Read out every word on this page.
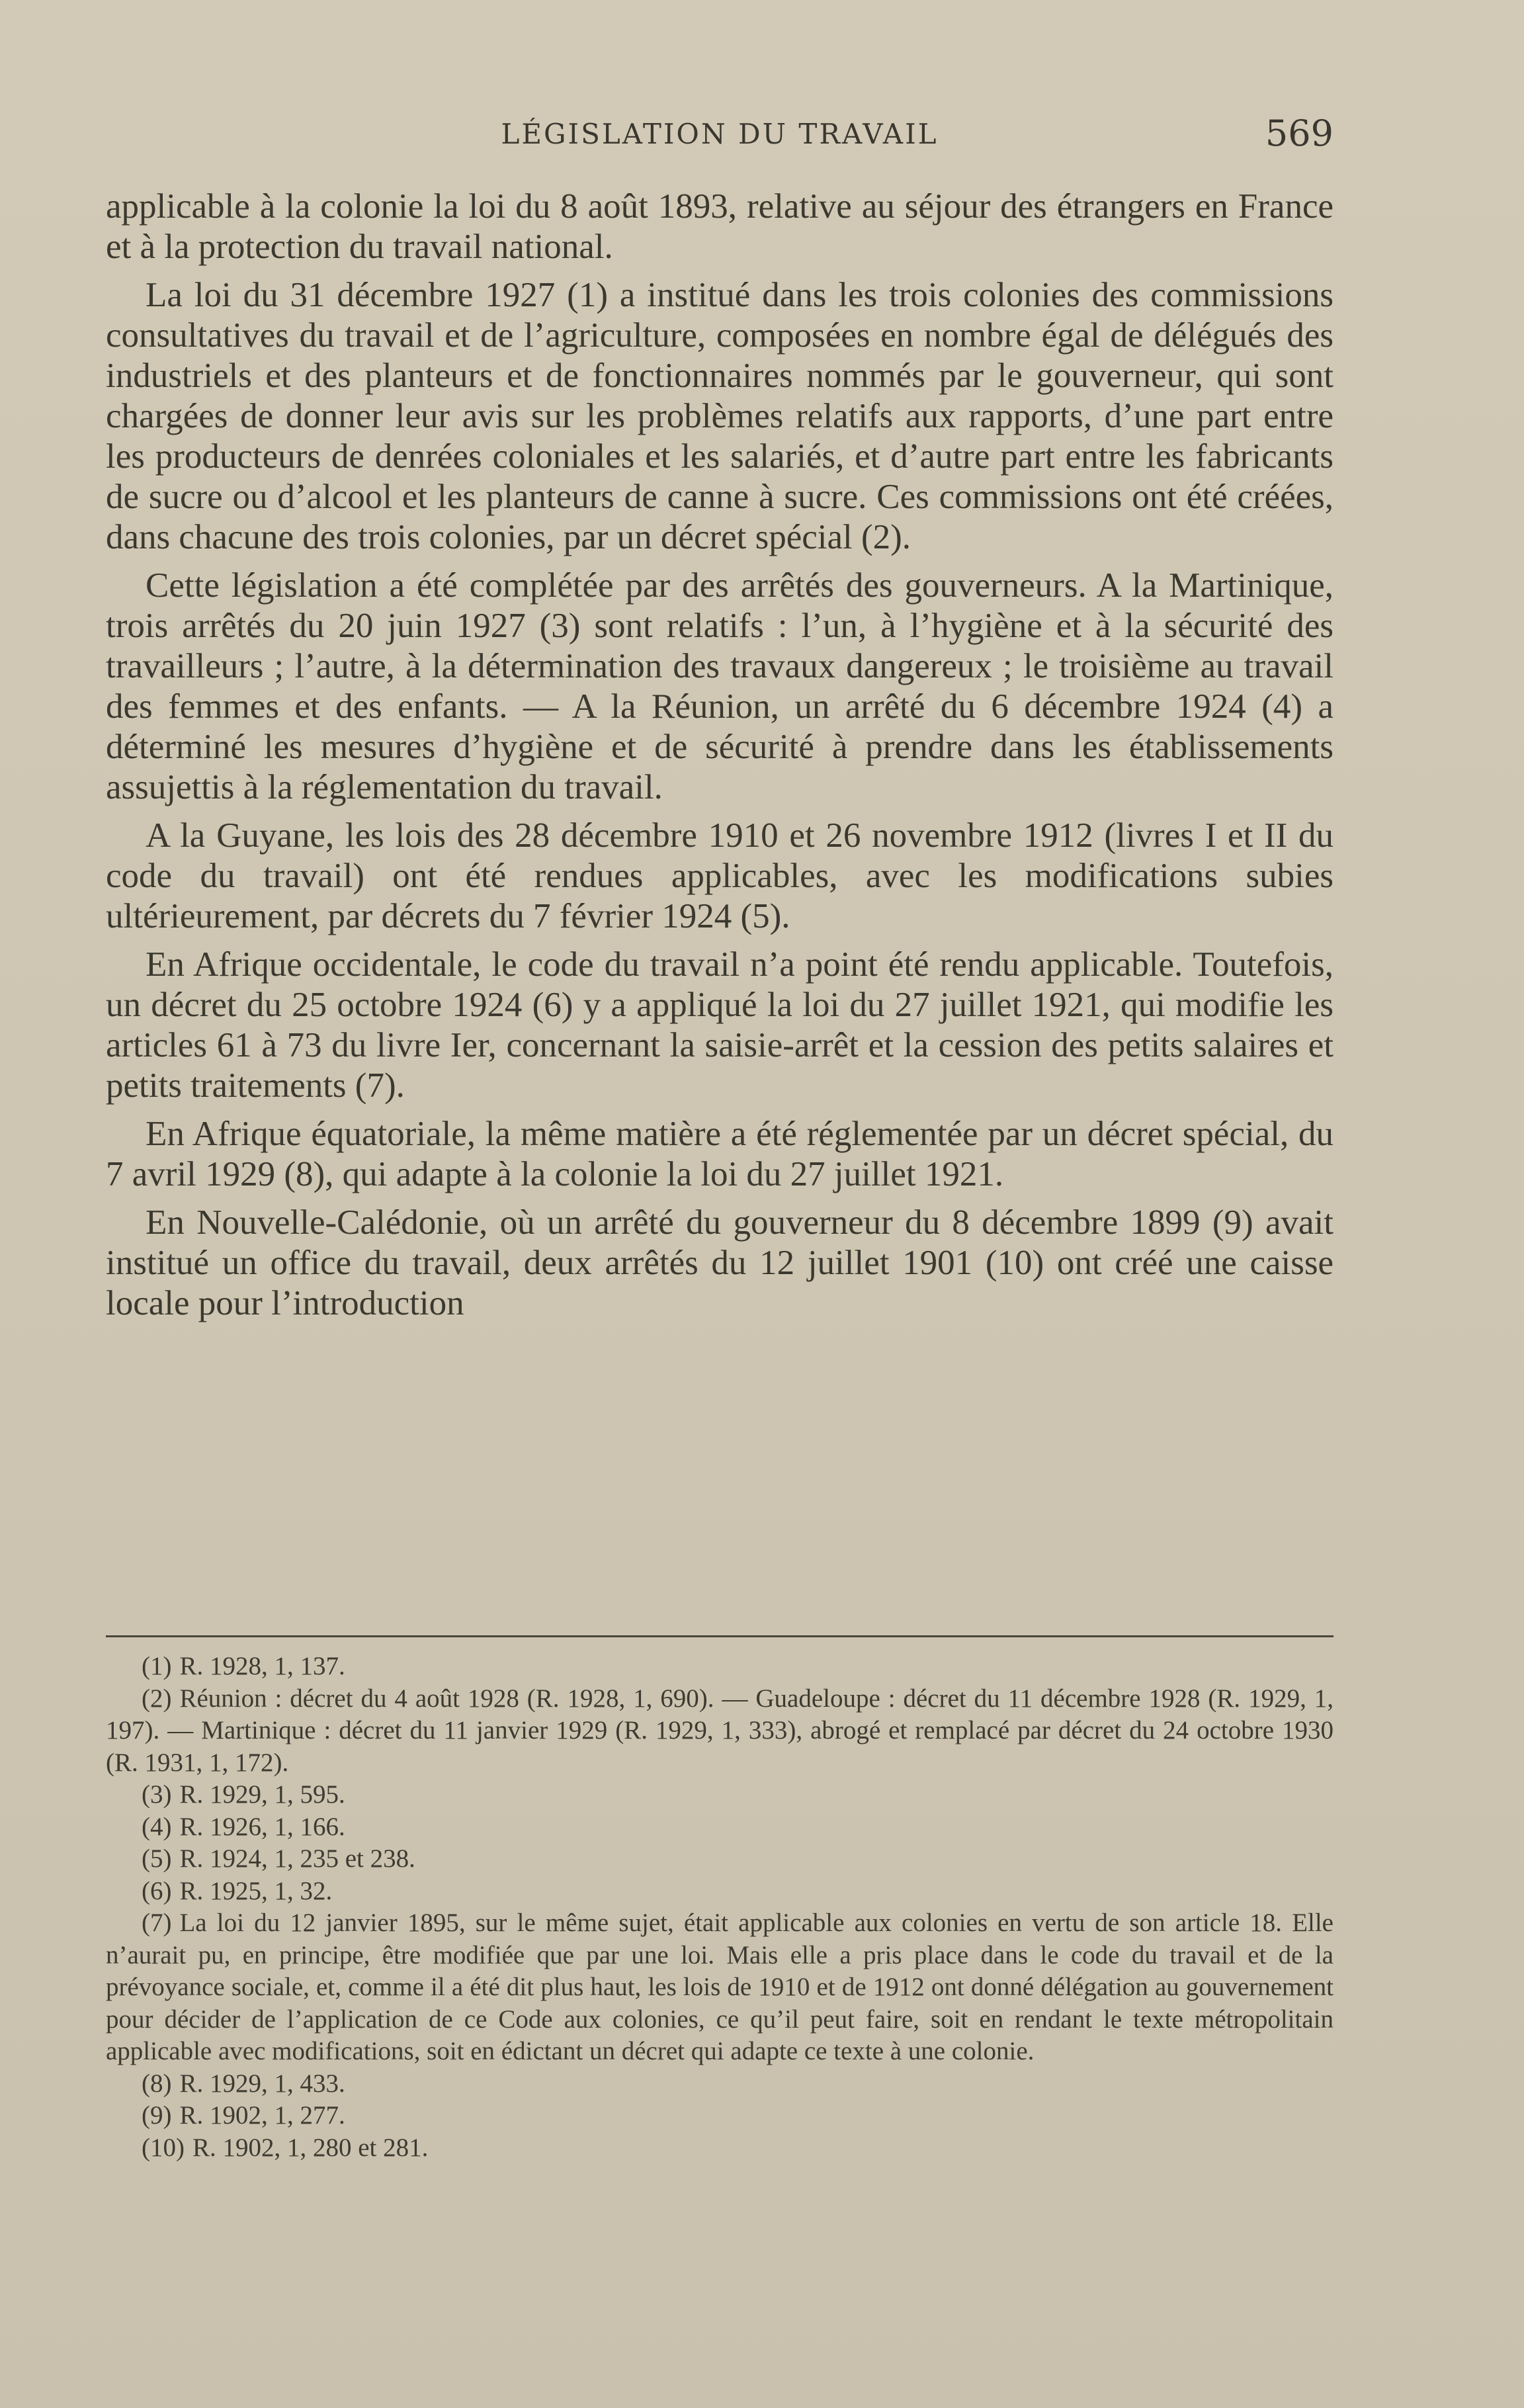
LÉGISLATION DU TRAVAIL	569

applicable à la colonie la loi du 8 août 1893, relative au séjour des étrangers en France et à la protection du travail national.

La loi du 31 décembre 1927 (1) a institué dans les trois colonies des commissions consultatives du travail et de l’agriculture, composées en nombre égal de délégués des industriels et des planteurs et de fonctionnaires nommés par le gouverneur, qui sont chargées de donner leur avis sur les problèmes relatifs aux rapports, d’une part entre les producteurs de denrées coloniales et les salariés, et d’autre part entre les fabricants de sucre ou d’alcool et les planteurs de canne à sucre. Ces commissions ont été créées, dans chacune des trois colonies, par un décret spécial (2).

Cette législation a été complétée par des arrêtés des gouverneurs. A la Martinique, trois arrêtés du 20 juin 1927 (3) sont relatifs : l’un, à l’hygiène et à la sécurité des travailleurs ; l’autre, à la détermination des travaux dangereux ; le troisième au travail des femmes et des enfants. — A la Réunion, un arrêté du 6 décembre 1924 (4) a déterminé les mesures d’hygiène et de sécurité à prendre dans les établissements assujettis à la réglementation du travail.

A la Guyane, les lois des 28 décembre 1910 et 26 novembre 1912 (livres I et II du code du travail) ont été rendues applicables, avec les modifications subies ultérieurement, par décrets du 7 février 1924 (5).

En Afrique occidentale, le code du travail n’a point été rendu applicable. Toutefois, un décret du 25 octobre 1924 (6) y a appliqué la loi du 27 juillet 1921, qui modifie les articles 61 à 73 du livre Ier, concernant la saisie-arrêt et la cession des petits salaires et petits traitements (7).

En Afrique équatoriale, la même matière a été réglementée par un décret spécial, du 7 avril 1929 (8), qui adapte à la colonie la loi du 27 juillet 1921.

En Nouvelle-Calédonie, où un arrêté du gouverneur du 8 décembre 1899 (9) avait institué un office du travail, deux arrêtés du 12 juillet 1901 (10) ont créé une caisse locale pour l’introduction

(1) R. 1928, 1, 137.

(2) Réunion : décret du 4 août 1928 (R. 1928, 1, 690). — Guadeloupe : décret du 11 décembre 1928 (R. 1929, 1, 197). — Martinique : décret du 11 janvier 1929 (R. 1929, 1, 333), abrogé et remplacé par décret du 24 octobre 1930 (R. 1931, 1, 172).

(3) R. 1929, 1, 595.

(4) R. 1926, 1, 166.

(5) R. 1924, 1, 235 et 238.

(6) R. 1925, 1, 32.

(7) La loi du 12 janvier 1895, sur le même sujet, était applicable aux colonies en vertu de son article 18. Elle n’aurait pu, en principe, être modifiée que par une loi. Mais elle a pris place dans le code du travail et de la prévoyance sociale, et, comme il a été dit plus haut, les lois de 1910 et de 1912 ont donné délégation au gouvernement pour décider de l’application de ce Code aux colonies, ce qu’il peut faire, soit en rendant le texte métropolitain applicable avec modifications, soit en édictant un décret qui adapte ce texte à une colonie.

(8) R. 1929, 1, 433.

(9) R. 1902, 1, 277.

(10) R. 1902, 1, 280 et 281.
